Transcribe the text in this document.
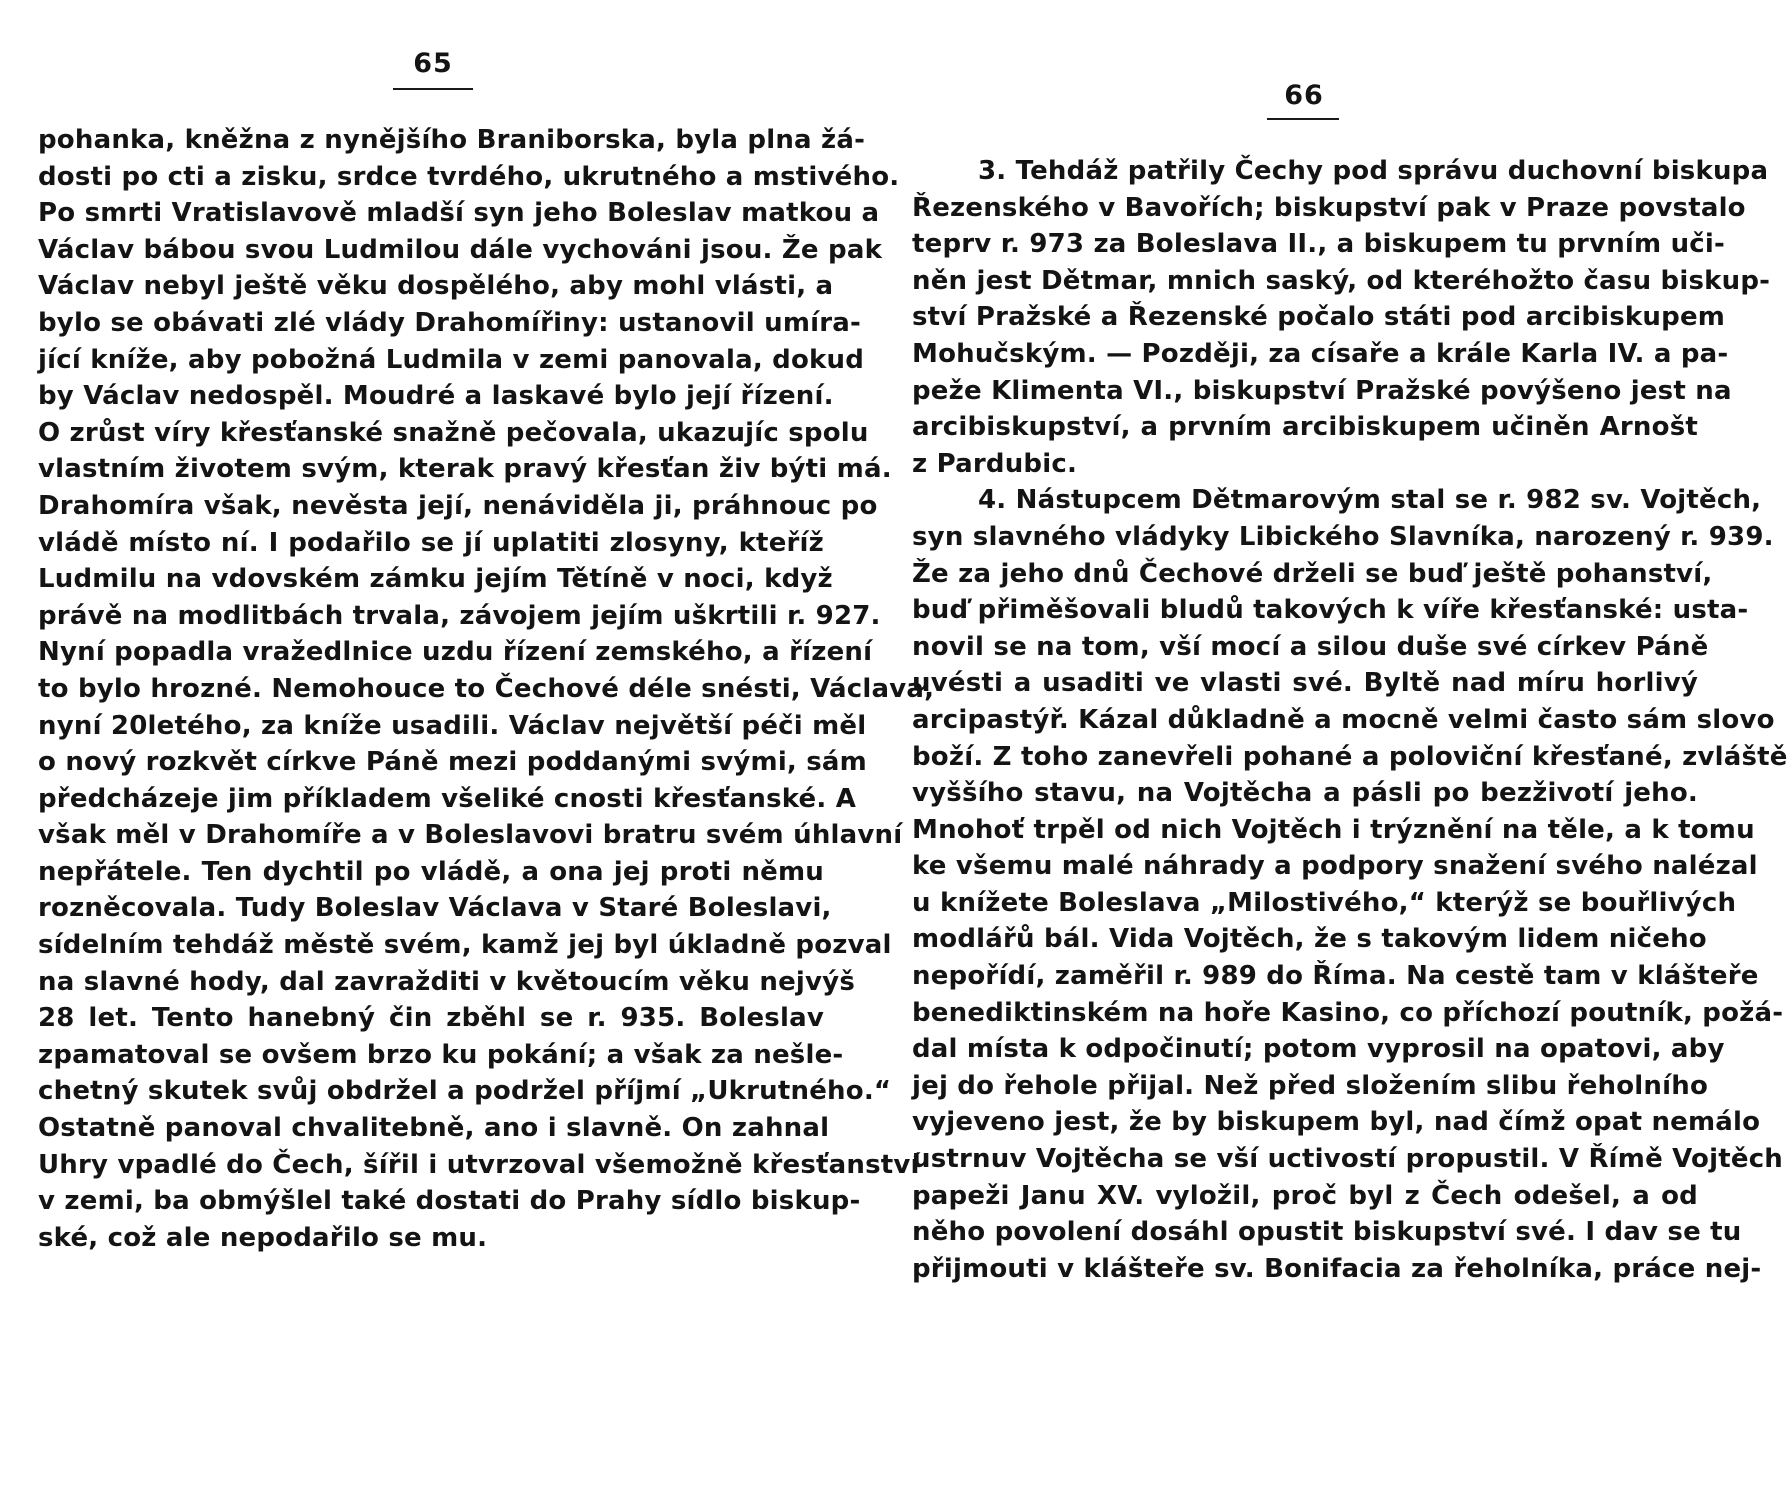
65
pohanka, kněžna z nynějšího Braniborska, byla plna žá-
dosti po cti a zisku, srdce tvrdého, ukrutného a mstivého.
Po smrti Vratislavově mladší syn jeho Boleslav matkou a
Václav bábou svou Ludmilou dále vychováni jsou. Že pak
Václav nebyl ještě věku dospělého, aby mohl vlásti, a
bylo se obávati zlé vlády Drahomířiny: ustanovil umíra-
jící kníže, aby pobožná Ludmila v zemi panovala, dokud
by Václav nedospěl. Moudré a laskavé bylo její řízení.
O zrůst víry křesťanské snažně pečovala, ukazujíc spolu
vlastním životem svým, kterak pravý křesťan živ býti má.
Drahomíra však, nevěsta její, nenáviděla ji, práhnouc po
vládě místo ní. I podařilo se jí uplatiti zlosyny, kteříž
Ludmilu na vdovském zámku jejím Tětíně v noci, když
právě na modlitbách trvala, závojem jejím uškrtili r. 927.
Nyní popadla vražedlnice uzdu řízení zemského, a řízení
to bylo hrozné. Nemohouce to Čechové déle snésti, Václava,
nyní 20letého, za kníže usadili. Václav největší péči měl
o nový rozkvět církve Páně mezi poddanými svými, sám
předcházeje jim příkladem všeliké cnosti křesťanské. A
však měl v Drahomíře a v Boleslavovi bratru svém úhlavní
nepřátele. Ten dychtil po vládě, a ona jej proti němu
rozněcovala. Tudy Boleslav Václava v Staré Boleslavi,
sídelním tehdáž městě svém, kamž jej byl úkladně pozval
na slavné hody, dal zavražditi v květoucím věku nejvýš
28 let. Tento hanebný čin zběhl se r. 935. Boleslav
zpamatoval se ovšem brzo ku pokání; a však za nešle-
chetný skutek svůj obdržel a podržel příjmí „Ukrutného.“
Ostatně panoval chvalitebně, ano i slavně. On zahnal
Uhry vpadlé do Čech, šířil i utvrzoval všemožně křesťanství
v zemi, ba obmýšlel také dostati do Prahy sídlo biskup-
ské, což ale nepodařilo se mu.
66
3. Tehdáž patřily Čechy pod správu duchovní biskupa
Řezenského v Bavořích; biskupství pak v Praze povstalo
teprv r. 973 za Boleslava II., a biskupem tu prvním uči-
něn jest Dětmar, mnich saský, od kteréhožto času biskup-
ství Pražské a Řezenské počalo státi pod arcibiskupem
Mohučským. — Později, za císaře a krále Karla IV. a pa-
peže Klimenta VI., biskupství Pražské povýšeno jest na
arcibiskupství, a prvním arcibiskupem učiněn Arnošt
z Pardubic.
4. Nástupcem Dětmarovým stal se r. 982 sv. Vojtěch,
syn slavného vládyky Libického Slavníka, narozený r. 939.
Že za jeho dnů Čechové drželi se buď ještě pohanství,
buď přiměšovali bludů takových k víře křesťanské: usta-
novil se na tom, vší mocí a silou duše své církev Páně
uvésti a usaditi ve vlasti své. Byltě nad míru horlivý
arcipastýř. Kázal důkladně a mocně velmi často sám slovo
boží. Z toho zanevřeli pohané a poloviční křesťané, zvláště
vyššího stavu, na Vojtěcha a pásli po bezživotí jeho.
Mnohoť trpěl od nich Vojtěch i trýznění na těle, a k tomu
ke všemu malé náhrady a podpory snažení svého nalézal
u knížete Boleslava „Milostivého,“ kterýž se bouřlivých
modlářů bál. Vida Vojtěch, že s takovým lidem ničeho
nepořídí, zaměřil r. 989 do Říma. Na cestě tam v klášteře
benediktinském na hoře Kasino, co příchozí poutník, požá-
dal místa k odpočinutí; potom vyprosil na opatovi, aby
jej do řehole přijal. Než před složením slibu řeholního
vyjeveno jest, že by biskupem byl, nad čímž opat nemálo
ustrnuv Vojtěcha se vší uctivostí propustil. V Římě Vojtěch
papeži Janu XV. vyložil, proč byl z Čech odešel, a od
něho povolení dosáhl opustit biskupství své. I dav se tu
přijmouti v klášteře sv. Bonifacia za řeholníka, práce nej-
